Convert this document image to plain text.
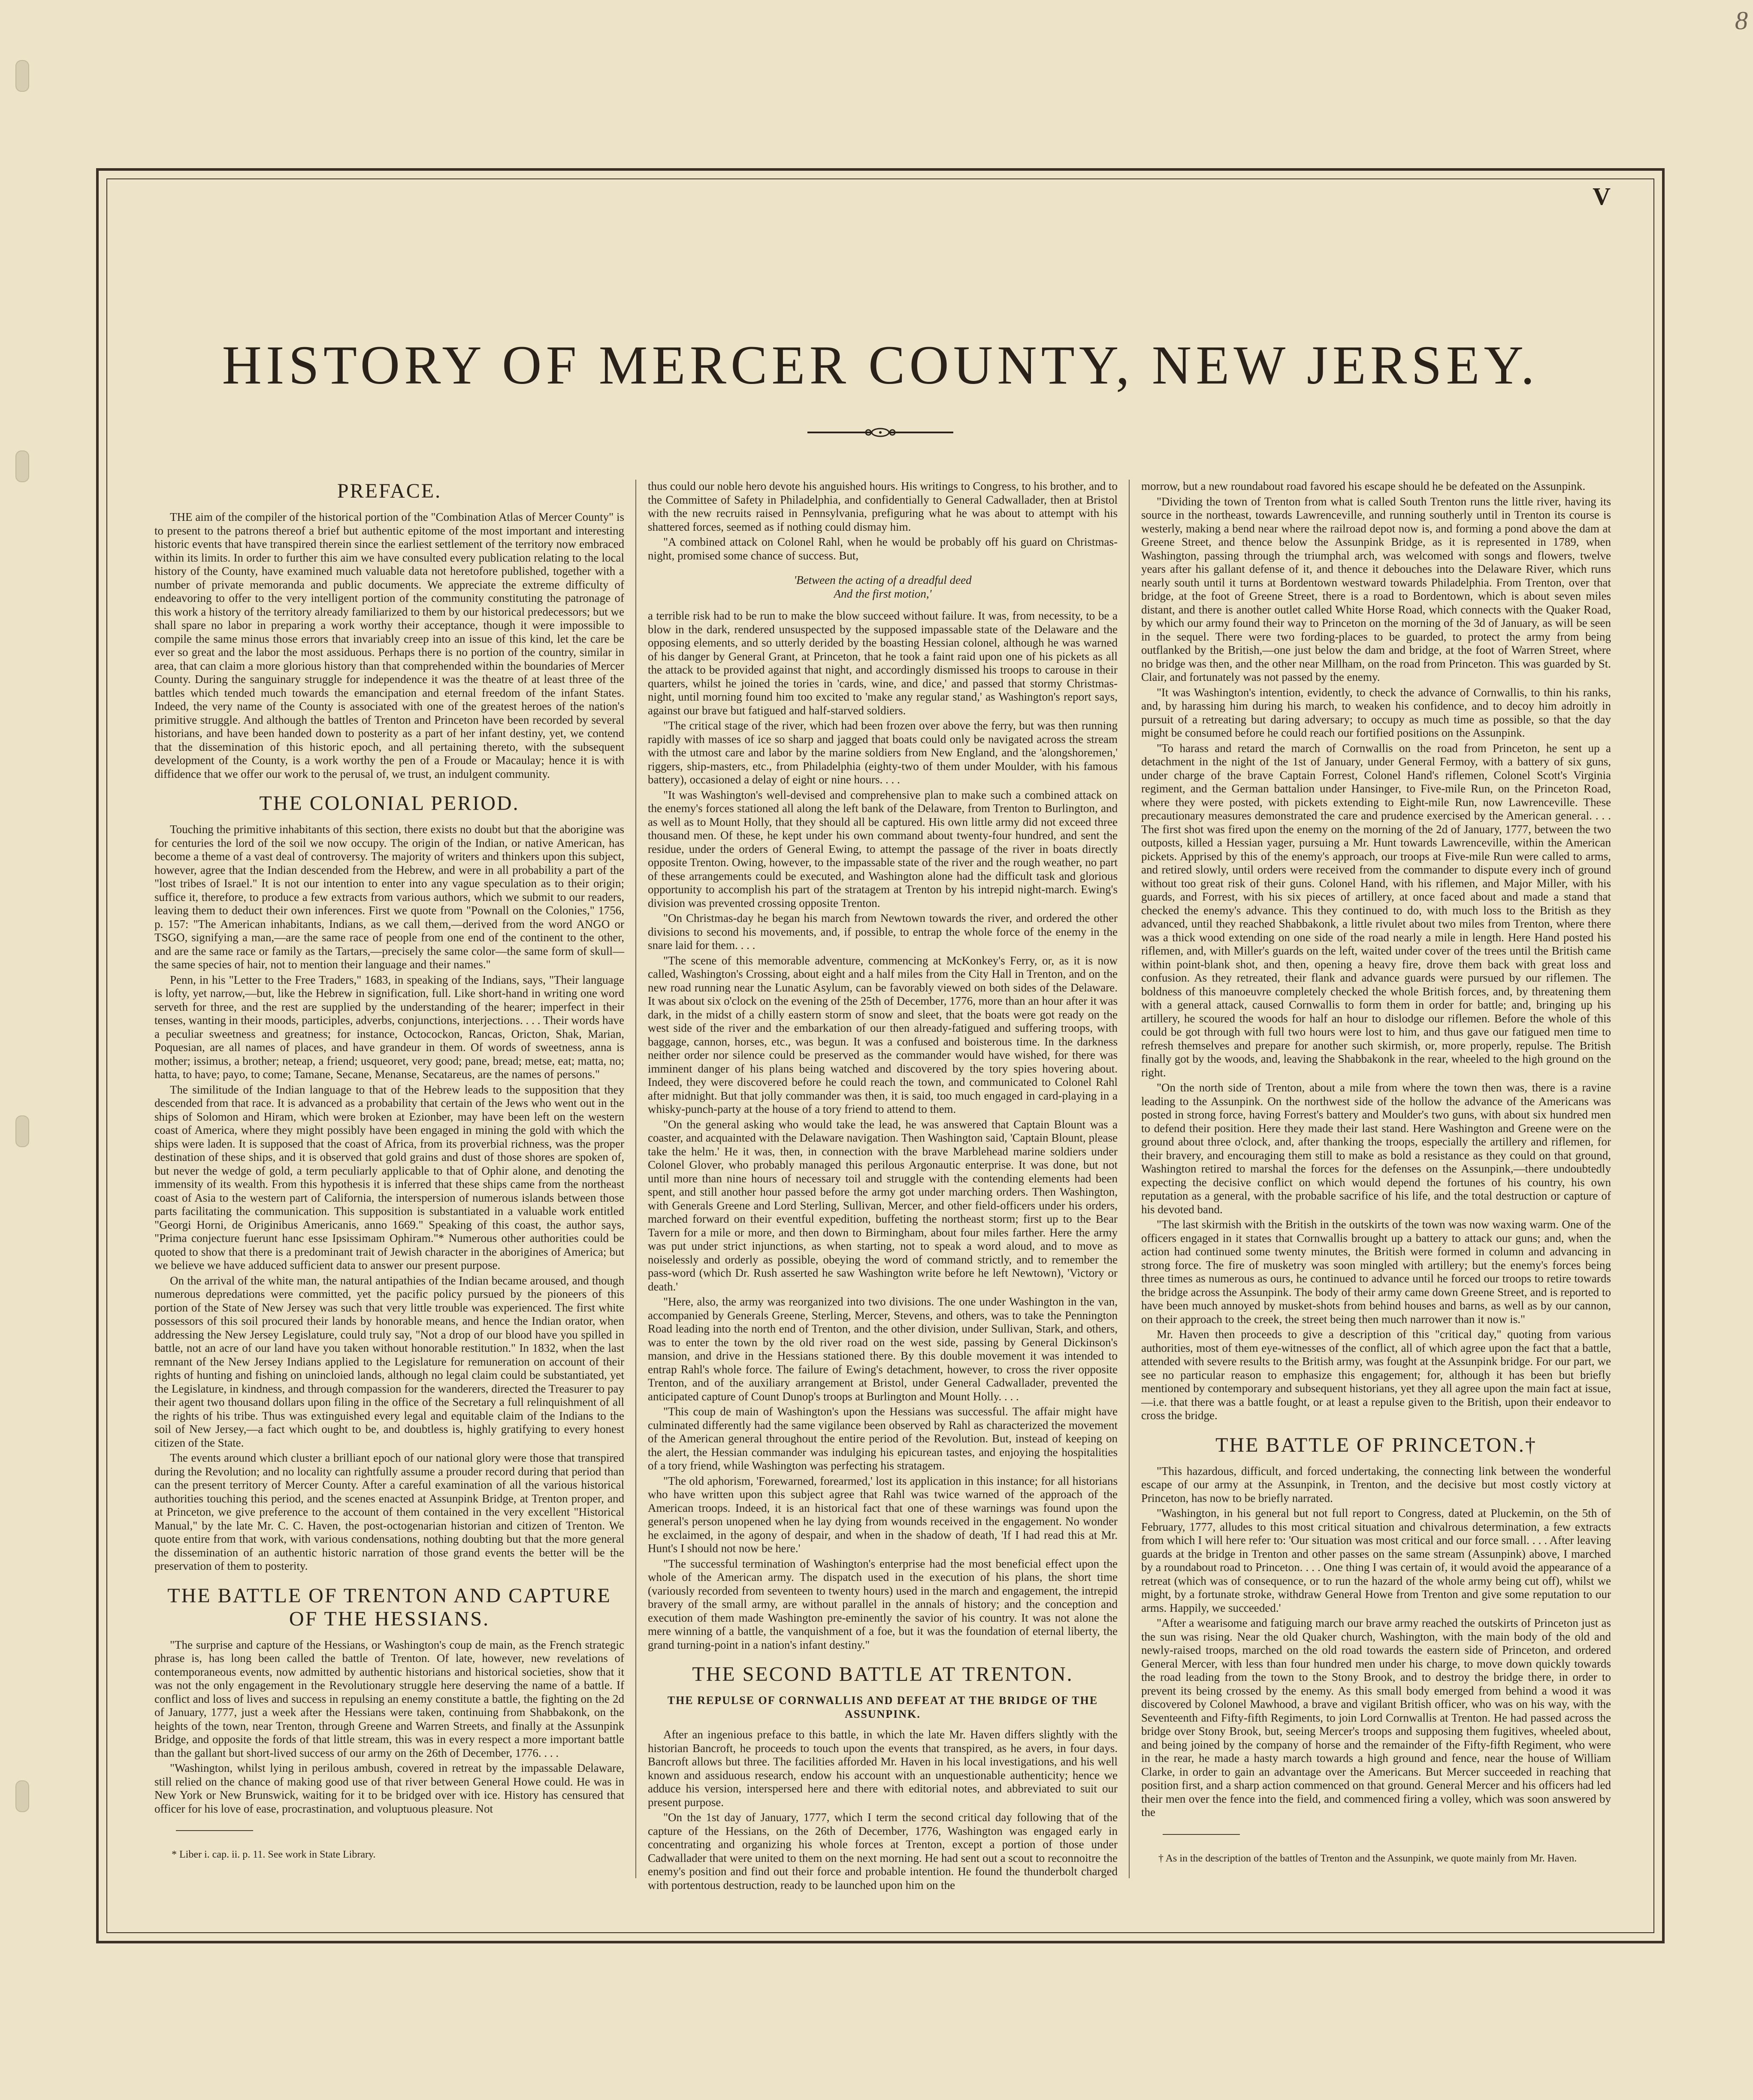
8
V
HISTORY OF MERCER COUNTY, NEW JERSEY.
PREFACE.

THE aim of the compiler of the historical portion of the "Combination Atlas of Mercer County" is to present to the patrons thereof a brief but authentic epitome of the most important and interesting historic events that have transpired therein since the earliest settlement of the territory now embraced within its limits. In order to further this aim we have consulted every publication relating to the local history of the County, have examined much valuable data not heretofore published, together with a number of private memoranda and public documents. We appreciate the extreme difficulty of endeavoring to offer to the very intelligent portion of the community constituting the patronage of this work a history of the territory already familiarized to them by our historical predecessors; but we shall spare no labor in preparing a work worthy their acceptance, though it were impossible to compile the same minus those errors that invariably creep into an issue of this kind, let the care be ever so great and the labor the most assiduous. Perhaps there is no portion of the country, similar in area, that can claim a more glorious history than that comprehended within the boundaries of Mercer County. During the sanguinary struggle for independence it was the theatre of at least three of the battles which tended much towards the emancipation and eternal freedom of the infant States. Indeed, the very name of the County is associated with one of the greatest heroes of the nation's primitive struggle. And although the battles of Trenton and Princeton have been recorded by several historians, and have been handed down to posterity as a part of her infant destiny, yet, we contend that the dissemination of this historic epoch, and all pertaining thereto, with the subsequent development of the County, is a work worthy the pen of a Froude or Macaulay; hence it is with diffidence that we offer our work to the perusal of, we trust, an indulgent community.

THE COLONIAL PERIOD.

Touching the primitive inhabitants of this section, there exists no doubt but that the aborigine was for centuries the lord of the soil we now occupy. The origin of the Indian, or native American, has become a theme of a vast deal of controversy. The majority of writers and thinkers upon this subject, however, agree that the Indian descended from the Hebrew, and were in all probability a part of the "lost tribes of Israel." It is not our intention to enter into any vague speculation as to their origin; suffice it, therefore, to produce a few extracts from various authors, which we submit to our readers, leaving them to deduct their own inferences. First we quote from "Pownall on the Colonies," 1756, p. 157: "The American inhabitants, Indians, as we call them,—derived from the word ANGO or TSGO, signifying a man,—are the same race of people from one end of the continent to the other, and are the same race or family as the Tartars,—precisely the same color—the same form of skull—the same species of hair, not to mention their language and their names."

Penn, in his "Letter to the Free Traders," 1683, in speaking of the Indians, says, "Their language is lofty, yet narrow,—but, like the Hebrew in signification, full. Like short-hand in writing one word serveth for three, and the rest are supplied by the understanding of the hearer; imperfect in their tenses, wanting in their moods, participles, adverbs, conjunctions, interjections. . . . Their words have a peculiar sweetness and greatness; for instance, Octocockon, Rancas, Oricton, Shak, Marian, Poquesian, are all names of places, and have grandeur in them. Of words of sweetness, anna is mother; issimus, a brother; neteap, a friend; usqueoret, very good; pane, bread; metse, eat; matta, no; hatta, to have; payo, to come; Tamane, Secane, Menanse, Secatareus, are the names of persons."

The similitude of the Indian language to that of the Hebrew leads to the supposition that they descended from that race. It is advanced as a probability that certain of the Jews who went out in the ships of Solomon and Hiram, which were broken at Ezionber, may have been left on the western coast of America, where they might possibly have been engaged in mining the gold with which the ships were laden. It is supposed that the coast of Africa, from its proverbial richness, was the proper destination of these ships, and it is observed that gold grains and dust of those shores are spoken of, but never the wedge of gold, a term peculiarly applicable to that of Ophir alone, and denoting the immensity of its wealth. From this hypothesis it is inferred that these ships came from the northeast coast of Asia to the western part of California, the interspersion of numerous islands between those parts facilitating the communication. This supposition is substantiated in a valuable work entitled "Georgi Horni, de Originibus Americanis, anno 1669." Speaking of this coast, the author says, "Prima conjecture fuerunt hanc esse Ipsissimam Ophiram."* Numerous other authorities could be quoted to show that there is a predominant trait of Jewish character in the aborigines of America; but we believe we have adduced sufficient data to answer our present purpose.

On the arrival of the white man, the natural antipathies of the Indian became aroused, and though numerous depredations were committed, yet the pacific policy pursued by the pioneers of this portion of the State of New Jersey was such that very little trouble was experienced. The first white possessors of this soil procured their lands by honorable means, and hence the Indian orator, when addressing the New Jersey Legislature, could truly say, "Not a drop of our blood have you spilled in battle, not an acre of our land have you taken without honorable restitution." In 1832, when the last remnant of the New Jersey Indians applied to the Legislature for remuneration on account of their rights of hunting and fishing on unincloied lands, although no legal claim could be substantiated, yet the Legislature, in kindness, and through compassion for the wanderers, directed the Treasurer to pay their agent two thousand dollars upon filing in the office of the Secretary a full relinquishment of all the rights of his tribe. Thus was extinguished every legal and equitable claim of the Indians to the soil of New Jersey,—a fact which ought to be, and doubtless is, highly gratifying to every honest citizen of the State.

The events around which cluster a brilliant epoch of our national glory were those that transpired during the Revolution; and no locality can rightfully assume a prouder record during that period than can the present territory of Mercer County. After a careful examination of all the various historical authorities touching this period, and the scenes enacted at Assunpink Bridge, at Trenton proper, and at Princeton, we give preference to the account of them contained in the very excellent "Historical Manual," by the late Mr. C. C. Haven, the post-octogenarian historian and citizen of Trenton. We quote entire from that work, with various condensations, nothing doubting but that the more general the dissemination of an authentic historic narration of those grand events the better will be the preservation of them to posterity.

THE BATTLE OF TRENTON AND CAPTURE OF THE HESSIANS.

"The surprise and capture of the Hessians, or Washington's coup de main, as the French strategic phrase is, has long been called the battle of Trenton. Of late, however, new revelations of contemporaneous events, now admitted by authentic historians and historical societies, show that it was not the only engagement in the Revolutionary struggle here deserving the name of a battle. If conflict and loss of lives and success in repulsing an enemy constitute a battle, the fighting on the 2d of January, 1777, just a week after the Hessians were taken, continuing from Shabbakonk, on the heights of the town, near Trenton, through Greene and Warren Streets, and finally at the Assunpink Bridge, and opposite the fords of that little stream, this was in every respect a more important battle than the gallant but short-lived success of our army on the 26th of December, 1776. . . .

"Washington, whilst lying in perilous ambush, covered in retreat by the impassable Delaware, still relied on the chance of making good use of that river between General Howe could. He was in New York or New Brunswick, waiting for it to be bridged over with ice. History has censured that officer for his love of ease, procrastination, and voluptuous pleasure. Not

* Liber i. cap. ii. p. 11. See work in State Library.

thus could our noble hero devote his anguished hours. His writings to Congress, to his brother, and to the Committee of Safety in Philadelphia, and confidentially to General Cadwallader, then at Bristol with the new recruits raised in Pennsylvania, prefiguring what he was about to attempt with his shattered forces, seemed as if nothing could dismay him.

"A combined attack on Colonel Rahl, when he would be probably off his guard on Christmas-night, promised some chance of success. But,

'Between the acting of a dreadful deed
And the first motion,'

a terrible risk had to be run to make the blow succeed without failure. It was, from necessity, to be a blow in the dark, rendered unsuspected by the supposed impassable state of the Delaware and the opposing elements, and so utterly derided by the boasting Hessian colonel, although he was warned of his danger by General Grant, at Princeton, that he took a faint raid upon one of his pickets as all the attack to be provided against that night, and accordingly dismissed his troops to carouse in their quarters, whilst he joined the tories in 'cards, wine, and dice,' and passed that stormy Christmas-night, until morning found him too excited to 'make any regular stand,' as Washington's report says, against our brave but fatigued and half-starved soldiers.

"The critical stage of the river, which had been frozen over above the ferry, but was then running rapidly with masses of ice so sharp and jagged that boats could only be navigated across the stream with the utmost care and labor by the marine soldiers from New England, and the 'alongshoremen,' riggers, ship-masters, etc., from Philadelphia (eighty-two of them under Moulder, with his famous battery), occasioned a delay of eight or nine hours. . . .

"It was Washington's well-devised and comprehensive plan to make such a combined attack on the enemy's forces stationed all along the left bank of the Delaware, from Trenton to Burlington, and as well as to Mount Holly, that they should all be captured. His own little army did not exceed three thousand men. Of these, he kept under his own command about twenty-four hundred, and sent the residue, under the orders of General Ewing, to attempt the passage of the river in boats directly opposite Trenton. Owing, however, to the impassable state of the river and the rough weather, no part of these arrangements could be executed, and Washington alone had the difficult task and glorious opportunity to accomplish his part of the stratagem at Trenton by his intrepid night-march. Ewing's division was prevented crossing opposite Trenton.

"On Christmas-day he began his march from Newtown towards the river, and ordered the other divisions to second his movements, and, if possible, to entrap the whole force of the enemy in the snare laid for them. . . .

"The scene of this memorable adventure, commencing at McKonkey's Ferry, or, as it is now called, Washington's Crossing, about eight and a half miles from the City Hall in Trenton, and on the new road running near the Lunatic Asylum, can be favorably viewed on both sides of the Delaware. It was about six o'clock on the evening of the 25th of December, 1776, more than an hour after it was dark, in the midst of a chilly eastern storm of snow and sleet, that the boats were got ready on the west side of the river and the embarkation of our then already-fatigued and suffering troops, with baggage, cannon, horses, etc., was begun. It was a confused and boisterous time. In the darkness neither order nor silence could be preserved as the commander would have wished, for there was imminent danger of his plans being watched and discovered by the tory spies hovering about. Indeed, they were discovered before he could reach the town, and communicated to Colonel Rahl after midnight. But that jolly commander was then, it is said, too much engaged in card-playing in a whisky-punch-party at the house of a tory friend to attend to them.

"On the general asking who would take the lead, he was answered that Captain Blount was a coaster, and acquainted with the Delaware navigation. Then Washington said, 'Captain Blount, please take the helm.' He it was, then, in connection with the brave Marblehead marine soldiers under Colonel Glover, who probably managed this perilous Argonautic enterprise. It was done, but not until more than nine hours of necessary toil and struggle with the contending elements had been spent, and still another hour passed before the army got under marching orders. Then Washington, with Generals Greene and Lord Sterling, Sullivan, Mercer, and other field-officers under his orders, marched forward on their eventful expedition, buffeting the northeast storm; first up to the Bear Tavern for a mile or more, and then down to Birmingham, about four miles farther. Here the army was put under strict injunctions, as when starting, not to speak a word aloud, and to move as noiselessly and orderly as possible, obeying the word of command strictly, and to remember the pass-word (which Dr. Rush asserted he saw Washington write before he left Newtown), 'Victory or death.'

"Here, also, the army was reorganized into two divisions. The one under Washington in the van, accompanied by Generals Greene, Sterling, Mercer, Stevens, and others, was to take the Pennington Road leading into the north end of Trenton, and the other division, under Sullivan, Stark, and others, was to enter the town by the old river road on the west side, passing by General Dickinson's mansion, and drive in the Hessians stationed there. By this double movement it was intended to entrap Rahl's whole force. The failure of Ewing's detachment, however, to cross the river opposite Trenton, and of the auxiliary arrangement at Bristol, under General Cadwallader, prevented the anticipated capture of Count Dunop's troops at Burlington and Mount Holly. . . .

"This coup de main of Washington's upon the Hessians was successful. The affair might have culminated differently had the same vigilance been observed by Rahl as characterized the movement of the American general throughout the entire period of the Revolution. But, instead of keeping on the alert, the Hessian commander was indulging his epicurean tastes, and enjoying the hospitalities of a tory friend, while Washington was perfecting his stratagem.

"The old aphorism, 'Forewarned, forearmed,' lost its application in this instance; for all historians who have written upon this subject agree that Rahl was twice warned of the approach of the American troops. Indeed, it is an historical fact that one of these warnings was found upon the general's person unopened when he lay dying from wounds received in the engagement. No wonder he exclaimed, in the agony of despair, and when in the shadow of death, 'If I had read this at Mr. Hunt's I should not now be here.'

"The successful termination of Washington's enterprise had the most beneficial effect upon the whole of the American army. The dispatch used in the execution of his plans, the short time (variously recorded from seventeen to twenty hours) used in the march and engagement, the intrepid bravery of the small army, are without parallel in the annals of history; and the conception and execution of them made Washington pre-eminently the savior of his country. It was not alone the mere winning of a battle, the vanquishment of a foe, but it was the foundation of eternal liberty, the grand turning-point in a nation's infant destiny."

THE SECOND BATTLE AT TRENTON.
THE REPULSE OF CORNWALLIS AND DEFEAT AT THE BRIDGE OF THE ASSUNPINK.

After an ingenious preface to this battle, in which the late Mr. Haven differs slightly with the historian Bancroft, he proceeds to touch upon the events that transpired, as he avers, in four days. Bancroft allows but three. The facilities afforded Mr. Haven in his local investigations, and his well known and assiduous research, endow his account with an unquestionable authenticity; hence we adduce his version, interspersed here and there with editorial notes, and abbreviated to suit our present purpose.

"On the 1st day of January, 1777, which I term the second critical day following that of the capture of the Hessians, on the 26th of December, 1776, Washington was engaged early in concentrating and organizing his whole forces at Trenton, except a portion of those under Cadwallader that were united to them on the next morning. He had sent out a scout to reconnoitre the enemy's position and find out their force and probable intention. He found the thunderbolt charged with portentous destruction, ready to be launched upon him on the

morrow, but a new roundabout road favored his escape should he be defeated on the Assunpink.

"Dividing the town of Trenton from what is called South Trenton runs the little river, having its source in the northeast, towards Lawrenceville, and running southerly until in Trenton its course is westerly, making a bend near where the railroad depot now is, and forming a pond above the dam at Greene Street, and thence below the Assunpink Bridge, as it is represented in 1789, when Washington, passing through the triumphal arch, was welcomed with songs and flowers, twelve years after his gallant defense of it, and thence it debouches into the Delaware River, which runs nearly south until it turns at Bordentown westward towards Philadelphia. From Trenton, over that bridge, at the foot of Greene Street, there is a road to Bordentown, which is about seven miles distant, and there is another outlet called White Horse Road, which connects with the Quaker Road, by which our army found their way to Princeton on the morning of the 3d of January, as will be seen in the sequel. There were two fording-places to be guarded, to protect the army from being outflanked by the British,—one just below the dam and bridge, at the foot of Warren Street, where no bridge was then, and the other near Millham, on the road from Princeton. This was guarded by St. Clair, and fortunately was not passed by the enemy.

"It was Washington's intention, evidently, to check the advance of Cornwallis, to thin his ranks, and, by harassing him during his march, to weaken his confidence, and to decoy him adroitly in pursuit of a retreating but daring adversary; to occupy as much time as possible, so that the day might be consumed before he could reach our fortified positions on the Assunpink.

"To harass and retard the march of Cornwallis on the road from Princeton, he sent up a detachment in the night of the 1st of January, under General Fermoy, with a battery of six guns, under charge of the brave Captain Forrest, Colonel Hand's riflemen, Colonel Scott's Virginia regiment, and the German battalion under Hansinger, to Five-mile Run, on the Princeton Road, where they were posted, with pickets extending to Eight-mile Run, now Lawrenceville. These precautionary measures demonstrated the care and prudence exercised by the American general. . . . The first shot was fired upon the enemy on the morning of the 2d of January, 1777, between the two outposts, killed a Hessian yager, pursuing a Mr. Hunt towards Lawrenceville, within the American pickets. Apprised by this of the enemy's approach, our troops at Five-mile Run were called to arms, and retired slowly, until orders were received from the commander to dispute every inch of ground without too great risk of their guns. Colonel Hand, with his riflemen, and Major Miller, with his guards, and Forrest, with his six pieces of artillery, at once faced about and made a stand that checked the enemy's advance. This they continued to do, with much loss to the British as they advanced, until they reached Shabbakonk, a little rivulet about two miles from Trenton, where there was a thick wood extending on one side of the road nearly a mile in length. Here Hand posted his riflemen, and, with Miller's guards on the left, waited under cover of the trees until the British came within point-blank shot, and then, opening a heavy fire, drove them back with great loss and confusion. As they retreated, their flank and advance guards were pursued by our riflemen. The boldness of this manoeuvre completely checked the whole British forces, and, by threatening them with a general attack, caused Cornwallis to form them in order for battle; and, bringing up his artillery, he scoured the woods for half an hour to dislodge our riflemen. Before the whole of this could be got through with full two hours were lost to him, and thus gave our fatigued men time to refresh themselves and prepare for another such skirmish, or, more properly, repulse. The British finally got by the woods, and, leaving the Shabbakonk in the rear, wheeled to the high ground on the right.

"On the north side of Trenton, about a mile from where the town then was, there is a ravine leading to the Assunpink. On the northwest side of the hollow the advance of the Americans was posted in strong force, having Forrest's battery and Moulder's two guns, with about six hundred men to defend their position. Here they made their last stand. Here Washington and Greene were on the ground about three o'clock, and, after thanking the troops, especially the artillery and riflemen, for their bravery, and encouraging them still to make as bold a resistance as they could on that ground, Washington retired to marshal the forces for the defenses on the Assunpink,—there undoubtedly expecting the decisive conflict on which would depend the fortunes of his country, his own reputation as a general, with the probable sacrifice of his life, and the total destruction or capture of his devoted band.

"The last skirmish with the British in the outskirts of the town was now waxing warm. One of the officers engaged in it states that Cornwallis brought up a battery to attack our guns; and, when the action had continued some twenty minutes, the British were formed in column and advancing in strong force. The fire of musketry was soon mingled with artillery; but the enemy's forces being three times as numerous as ours, he continued to advance until he forced our troops to retire towards the bridge across the Assunpink. The body of their army came down Greene Street, and is reported to have been much annoyed by musket-shots from behind houses and barns, as well as by our cannon, on their approach to the creek, the street being then much narrower than it now is."

Mr. Haven then proceeds to give a description of this "critical day," quoting from various authorities, most of them eye-witnesses of the conflict, all of which agree upon the fact that a battle, attended with severe results to the British army, was fought at the Assunpink bridge. For our part, we see no particular reason to emphasize this engagement; for, although it has been but briefly mentioned by contemporary and subsequent historians, yet they all agree upon the main fact at issue,—i.e. that there was a battle fought, or at least a repulse given to the British, upon their endeavor to cross the bridge.

THE BATTLE OF PRINCETON.†

"This hazardous, difficult, and forced undertaking, the connecting link between the wonderful escape of our army at the Assunpink, in Trenton, and the decisive but most costly victory at Princeton, has now to be briefly narrated.

"Washington, in his general but not full report to Congress, dated at Pluckemin, on the 5th of February, 1777, alludes to this most critical situation and chivalrous determination, a few extracts from which I will here refer to: 'Our situation was most critical and our force small. . . . After leaving guards at the bridge in Trenton and other passes on the same stream (Assunpink) above, I marched by a roundabout road to Princeton. . . . One thing I was certain of, it would avoid the appearance of a retreat (which was of consequence, or to run the hazard of the whole army being cut off), whilst we might, by a fortunate stroke, withdraw General Howe from Trenton and give some reputation to our arms. Happily, we succeeded.'

"After a wearisome and fatiguing march our brave army reached the outskirts of Princeton just as the sun was rising. Near the old Quaker church, Washington, with the main body of the old and newly-raised troops, marched on the old road towards the eastern side of Princeton, and ordered General Mercer, with less than four hundred men under his charge, to move down quickly towards the road leading from the town to the Stony Brook, and to destroy the bridge there, in order to prevent its being crossed by the enemy. As this small body emerged from behind a wood it was discovered by Colonel Mawhood, a brave and vigilant British officer, who was on his way, with the Seventeenth and Fifty-fifth Regiments, to join Lord Cornwallis at Trenton. He had passed across the bridge over Stony Brook, but, seeing Mercer's troops and supposing them fugitives, wheeled about, and being joined by the company of horse and the remainder of the Fifty-fifth Regiment, who were in the rear, he made a hasty march towards a high ground and fence, near the house of William Clarke, in order to gain an advantage over the Americans. But Mercer succeeded in reaching that position first, and a sharp action commenced on that ground. General Mercer and his officers had led their men over the fence into the field, and commenced firing a volley, which was soon answered by the

† As in the description of the battles of Trenton and the Assunpink, we quote mainly from Mr. Haven.
